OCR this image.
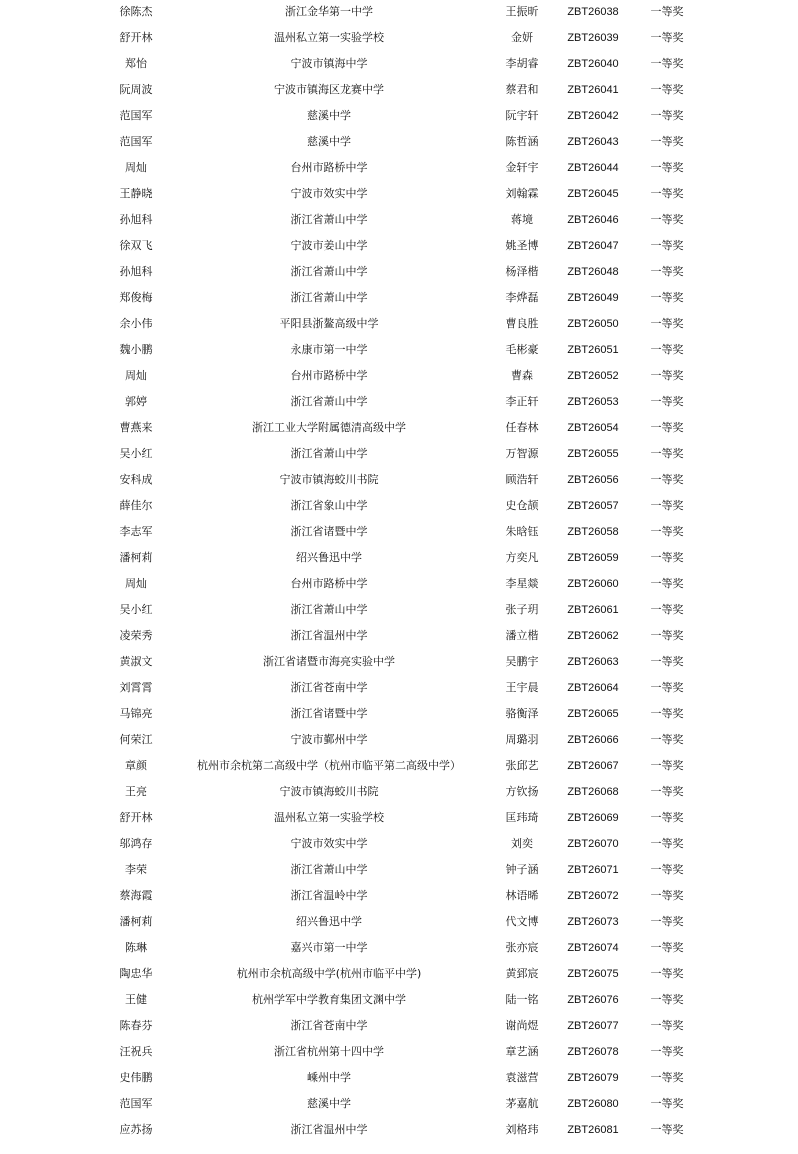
徐陈杰	浙江金华第一中学	王振昕	ZBT26038	一等奖
舒开林	温州私立第一实验学校	金妍	ZBT26039	一等奖
郑怡	宁波市镇海中学	李胡睿	ZBT26040	一等奖
阮周波	宁波市镇海区龙赛中学	蔡君和	ZBT26041	一等奖
范国军	慈溪中学	阮宇轩	ZBT26042	一等奖
范国军	慈溪中学	陈哲涵	ZBT26043	一等奖
周灿	台州市路桥中学	金轩宇	ZBT26044	一等奖
王静晓	宁波市效实中学	刘翰霖	ZBT26045	一等奖
孙旭科	浙江省萧山中学	蒋境	ZBT26046	一等奖
徐双飞	宁波市姜山中学	姚圣博	ZBT26047	一等奖
孙旭科	浙江省萧山中学	杨泽楷	ZBT26048	一等奖
郑俊梅	浙江省萧山中学	李烨磊	ZBT26049	一等奖
余小伟	平阳县浙鳌高级中学	曹良胜	ZBT26050	一等奖
魏小鹏	永康市第一中学	毛彬豪	ZBT26051	一等奖
周灿	台州市路桥中学	曹森	ZBT26052	一等奖
郭婷	浙江省萧山中学	李正轩	ZBT26053	一等奖
曹燕来	浙江工业大学附属德清高级中学	任春林	ZBT26054	一等奖
吴小红	浙江省萧山中学	万智源	ZBT26055	一等奖
安科成	宁波市镇海蛟川书院	顾浩轩	ZBT26056	一等奖
薛佳尔	浙江省象山中学	史仓颉	ZBT26057	一等奖
李志军	浙江省诸暨中学	朱晗钰	ZBT26058	一等奖
潘柯莉	绍兴鲁迅中学	方奕凡	ZBT26059	一等奖
周灿	台州市路桥中学	李星燚	ZBT26060	一等奖
吴小红	浙江省萧山中学	张子玥	ZBT26061	一等奖
凌荣秀	浙江省温州中学	潘立楷	ZBT26062	一等奖
黄淑文	浙江省诸暨市海亮实验中学	吴鹏宇	ZBT26063	一等奖
刘霄霄	浙江省苍南中学	王宇晨	ZBT26064	一等奖
马锦亮	浙江省诸暨中学	骆衡泽	ZBT26065	一等奖
何荣江	宁波市鄞州中学	周璐羽	ZBT26066	一等奖
章颜	杭州市余杭第二高级中学（杭州市临平第二高级中学）	张邱艺	ZBT26067	一等奖
王亮	宁波市镇海蛟川书院	方钦扬	ZBT26068	一等奖
舒开林	温州私立第一实验学校	匡玮琦	ZBT26069	一等奖
邬鸿存	宁波市效实中学	刘奕	ZBT26070	一等奖
李荣	浙江省萧山中学	钟子涵	ZBT26071	一等奖
蔡海霞	浙江省温岭中学	林语晞	ZBT26072	一等奖
潘柯莉	绍兴鲁迅中学	代文博	ZBT26073	一等奖
陈琳	嘉兴市第一中学	张亦宸	ZBT26074	一等奖
陶忠华	杭州市余杭高级中学(杭州市临平中学)	黄郅宸	ZBT26075	一等奖
王健	杭州学军中学教育集团文渊中学	陆一铭	ZBT26076	一等奖
陈春芬	浙江省苍南中学	谢尚煜	ZBT26077	一等奖
汪祝兵	浙江省杭州第十四中学	章艺涵	ZBT26078	一等奖
史伟鹏	嵊州中学	袁滋营	ZBT26079	一等奖
范国军	慈溪中学	茅嘉航	ZBT26080	一等奖
应苏扬	浙江省温州中学	刘格玮	ZBT26081	一等奖
